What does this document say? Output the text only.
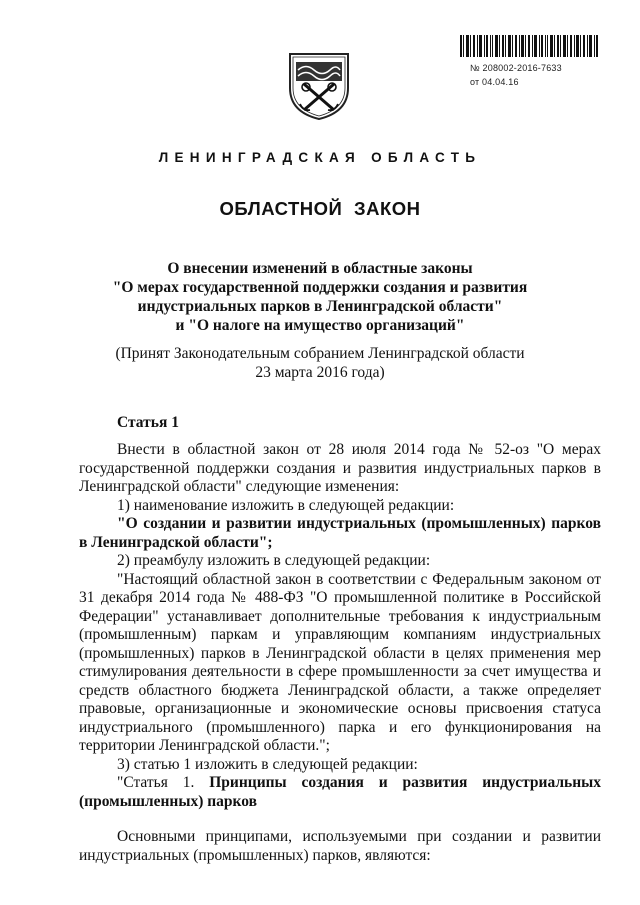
№ 208002-2016-7633
от 04.04.16
ЛЕНИНГРАДСКАЯ ОБЛАСТЬ
ОБЛАСТНОЙ ЗАКОН
О внесении изменений в областные законы
"О мерах государственной поддержки создания и развития
индустриальных парков в Ленинградской области"
и "О налоге на имущество организаций"
(Принят Законодательным собранием Ленинградской области
23 марта 2016 года)
Статья 1

Внести в областной закон от 28 июля 2014 года № 52-оз "О мерах государственной поддержки создания и развития индустриальных парков в Ленинградской области" следующие изменения:

1) наименование изложить в следующей редакции:

"О создании и развитии индустриальных (промышленных) парков в Ленинградской области";

2) преамбулу изложить в следующей редакции:

"Настоящий областной закон в соответствии с Федеральным законом от 31 декабря 2014 года № 488-ФЗ "О промышленной политике в Российской Федерации" устанавливает дополнительные требования к индустриальным (промышленным) паркам и управляющим компаниям индустриальных (промышленных) парков в Ленинградской области в целях применения мер стимулирования деятельности в сфере промышленности за счет имущества и средств областного бюджета Ленинградской области, а также определяет правовые, организационные и экономические основы присвоения статуса индустриального (промышленного) парка и его функционирования на территории Ленинградской области.";

3) статью 1 изложить в следующей редакции:

"Статья 1. Принципы создания и развития индустриальных (промышленных) парков

Основными принципами, используемыми при создании и развитии индустриальных (промышленных) парков, являются:
